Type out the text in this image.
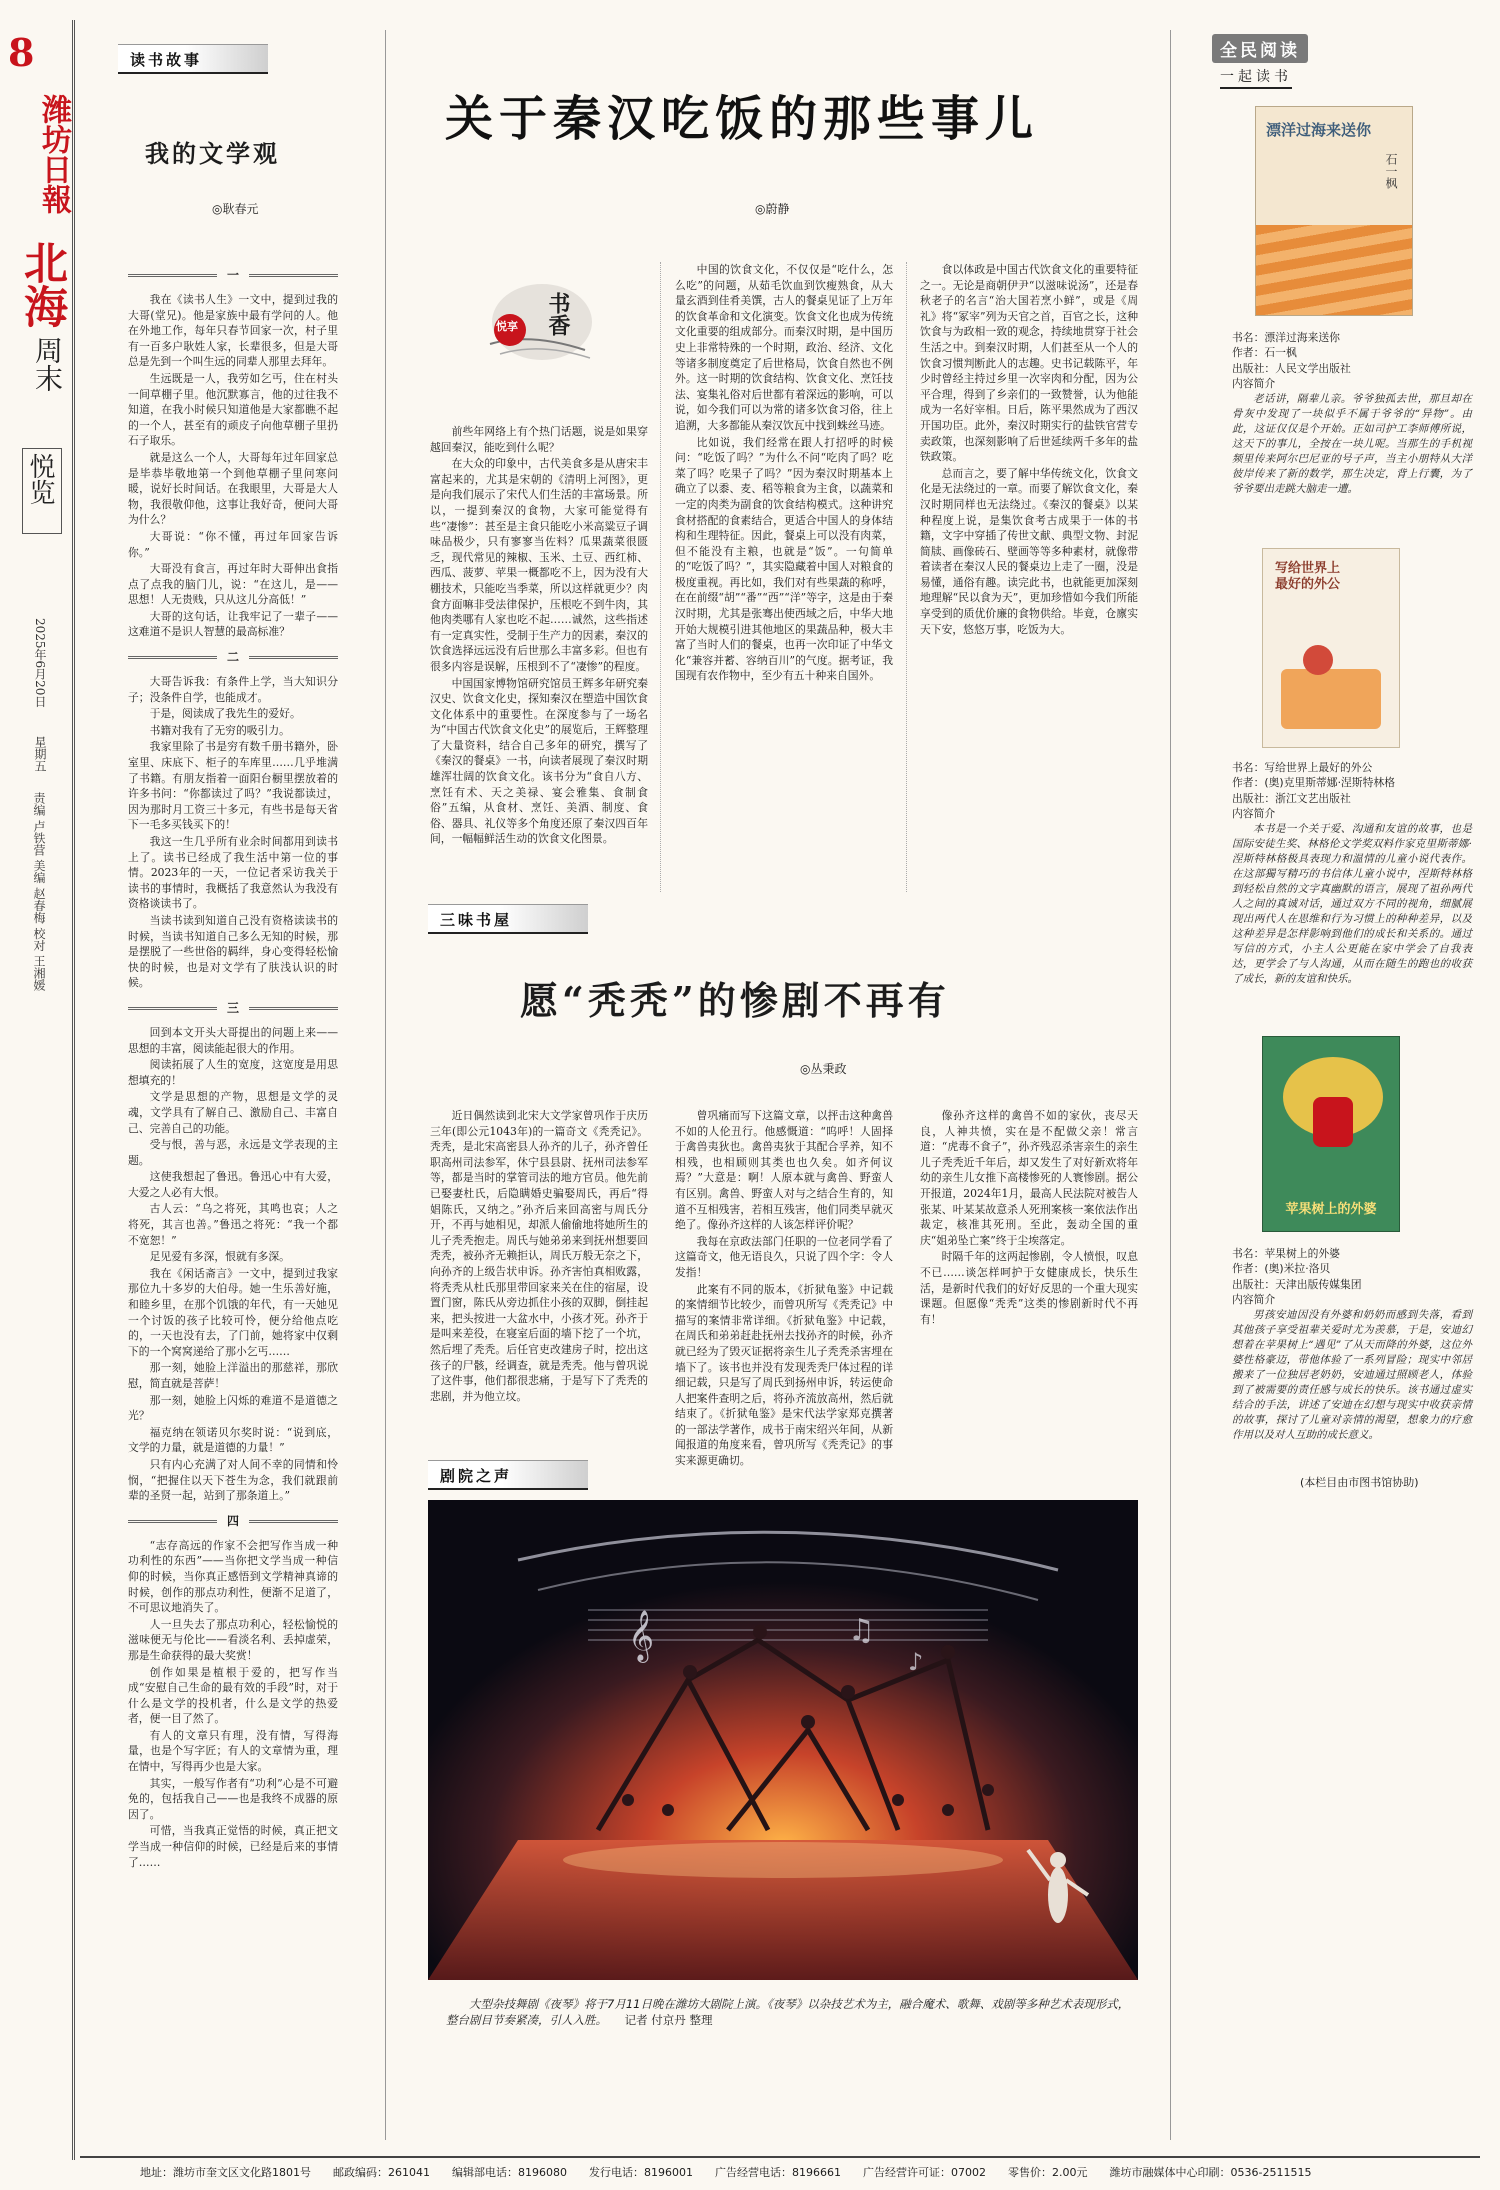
8
潍坊日報
北海
周末
悦览
2025年6月20日
星期五
责编 卢铁营 美编 赵春梅 校对 王湘媛
读书故事
我的文学观
◎耿春元
一

我在《读书人生》一文中，提到过我的大哥(堂兄)。他是家族中最有学问的人。他在外地工作，每年只春节回家一次，村子里有一百多户耿姓人家，长辈很多，但是大哥总是先到一个叫生远的同辈人那里去拜年。

生远既是一人，我劳如乞丐，住在村头一间草棚子里。他沉默寡言，他的过往我不知道，在我小时候只知道他是大家都瞧不起的一个人，甚至有的顽皮子向他草棚子里扔石子取乐。

就是这么一个人，大哥每年过年回家总是毕恭毕敬地第一个到他草棚子里问寒问暖，说好长时间话。在我眼里，大哥是大人物，我很敬仰他，这事让我好奇，便问大哥为什么？

大哥说：“你不懂，再过年回家告诉你。”

大哥没有食言，再过年时大哥伸出食指点了点我的脑门儿，说：“在这儿，是——思想！人无贵贱，只从这儿分高低！”

大哥的这句话，让我牢记了一辈子——这难道不是识人智慧的最高标准？

二

大哥告诉我：有条件上学，当大知识分子；没条件自学，也能成才。

于是，阅读成了我先生的爱好。

书籍对我有了无穷的吸引力。

我家里除了书是穷有数千册书籍外，卧室里、床底下、柜子的车库里……几乎堆满了书籍。有朋友指着一面阳台橱里摆放着的许多书问：“你都读过了吗？”我说都读过，因为那时月工资三十多元，有些书是每天省下一毛多买钱买下的！

我这一生几乎所有业余时间都用到读书上了。读书已经成了我生活中第一位的事情。2023年的一天，一位记者采访我关于读书的事情时，我概括了我意然认为我没有资格谈读书了。

当读书读到知道自己没有资格读读书的时候，当读书知道自己多么无知的时候，那是摆脱了一些世俗的羁绊，身心变得轻松愉快的时候，也是对文学有了肤浅认识的时候。

三

回到本文开头大哥提出的问题上来——思想的丰富，阅读能起很大的作用。

阅读拓展了人生的宽度，这宽度是用思想填充的！

文学是思想的产物，思想是文学的灵魂，文学具有了解自己、激励自己、丰富自己、完善自己的功能。

受与恨，善与恶，永远是文学表现的主题。

这使我想起了鲁迅。鲁迅心中有大爱，大爱之人必有大恨。

古人云：“乌之将死，其鸣也哀；人之将死，其言也善。”鲁迅之将死：“我一个都不宽恕！”

足见爱有多深，恨就有多深。

我在《闲话斋言》一文中，提到过我家那位九十多岁的大伯母。她一生乐善好施，和睦乡里，在那个饥饿的年代，有一天她见一个讨饭的孩子比较可怜，便分给他点吃的，一天也没有去，了门前，她将家中仅剩下的一个窝窝递给了那小乞丐……

那一刻，她脸上洋溢出的那慈祥，那欣慰，简直就是菩萨！

那一刻，她脸上闪烁的难道不是道德之光？

福克纳在领诺贝尔奖时说：“说到底，文学的力量，就是道德的力量！”

只有内心充满了对人间不幸的同情和怜悯，“把握住以天下苍生为念，我们就跟前辈的圣贤一起，站到了那条道上。”

四

“志存高远的作家不会把写作当成一种功利性的东西”——当你把文学当成一种信仰的时候，当你真正感悟到文学精神真谛的时候，创作的那点功利性，便渐不足道了，不可思议地消失了。

人一旦失去了那点功利心，轻松愉悦的滋味便无与伦比——看淡名利、丢掉虚荣，那是生命获得的最大奖赏！

创作如果是植根于爱的，把写作当成“安慰自己生命的最有效的手段”时，对于什么是文学的投机者，什么是文学的热爱者，便一目了然了。

有人的文章只有理，没有情，写得海量，也是个写字匠；有人的文章情为重，理在情中，写得再少也是大家。

其实，一般写作者有“功利”心是不可避免的，包括我自己——也是我终不成器的原因了。

可惜，当我真正觉悟的时候，真正把文学当成一种信仰的时候，已经是后来的事情了……

关于秦汉吃饭的那些事儿
◎蔚静
悦享 书香

前些年网络上有个热门话题，说是如果穿越回秦汉，能吃到什么呢？

在大众的印象中，古代美食多是从唐宋丰富起来的，尤其是宋朝的《清明上河图》，更是向我们展示了宋代人们生活的丰富场景。所以，一提到秦汉的食物，大家可能觉得有些“凄惨”：甚至是主食只能吃小米高粱豆子调味品极少，只有寥寥当佐料？瓜果蔬菜很匮乏，现代常见的辣椒、玉米、土豆、西红柿、西瓜、菠萝、苹果一概都吃不上，因为没有大棚技术，只能吃当季菜，所以这样就更少？肉食方面嘛非受法律保护，压根吃不到牛肉，其他肉类哪有人家也吃不起……诚然，这些指述有一定真实性，受制于生产力的因素，秦汉的饮食选择远远没有后世那么丰富多彩。但也有很多内容是误解，压根到不了“凄惨”的程度。

中国国家博物馆研究馆员王辉多年研究秦汉史、饮食文化史，探知秦汉在塑造中国饮食文化体系中的重要性。在深度参与了一场名为“中国古代饮食文化史”的展览后，王辉整理了大量资料，结合自己多年的研究，撰写了《秦汉的餐桌》一书，向读者展现了秦汉时期雄浑壮阔的饮食文化。该书分为“食自八方、烹饪有术、天之美禄、宴会雅集、食制食俗”五编，从食材、烹饪、美酒、制度、食俗、器具、礼仪等多个角度还原了秦汉四百年间，一幅幅鲜活生动的饮食文化图景。

中国的饮食文化，不仅仅是“吃什么，怎么吃”的问题，从茹毛饮血到饮瘦熟食，从大量玄酒到佳肴美馔，古人的餐桌见证了上万年的饮食革命和文化演变。饮食文化也成为传统文化重要的组成部分。而秦汉时期，是中国历史上非常特殊的一个时期，政治、经济、文化等诸多制度奠定了后世格局，饮食自然也不例外。这一时期的饮食结构、饮食文化、烹饪技法、宴集礼俗对后世都有着深远的影响，可以说，如今我们可以为常的诸多饮食习俗，往上追溯，大多都能从秦汉饮瓦中找到蛛丝马迹。

比如说，我们经常在跟人打招呼的时候问：“吃饭了吗？”为什么不问“吃肉了吗？吃菜了吗？吃果子了吗？”因为秦汉时期基本上确立了以黍、麦、稻等粮食为主食，以蔬菜和一定的肉类为副食的饮食结构模式。这种讲究食材搭配的食素结合，更适合中国人的身体结构和生理特征。因此，餐桌上可以没有肉菜，但不能没有主粮，也就是“饭”。一句简单的“吃饭了吗？”，其实隐藏着中国人对粮食的极度重视。再比如，我们对有些果蔬的称呼，在在前缀“胡”“番”“西”“洋”等字，这是由于秦汉时期，尤其是张骞出使西域之后，中华大地开始大规模引进其他地区的果蔬品种，极大丰富了当时人们的餐桌，也再一次印证了中华文化“兼容并蓄、容纳百川”的气度。据考证，我国现有农作物中，至少有五十种来自国外。

食以体政是中国古代饮食文化的重要特征之一。无论是商朝伊尹“以滋味说汤”，还是春秋老子的名言“治大国若烹小鲜”，或是《周礼》将“冢宰”列为天官之首，百官之长，这种饮食与为政相一致的观念，持续地贯穿于社会生活之中。到秦汉时期，人们甚至从一个人的饮食习惯判断此人的志趣。史书记载陈平，年少时曾经主持过乡里一次宰肉和分配，因为公平合理，得到了乡亲们的一致赞誉，认为他能成为一名好宰相。日后，陈平果然成为了西汉开国功臣。此外，秦汉时期实行的盐铁官营专卖政策，也深刻影响了后世延续两千多年的盐铁政策。

总而言之，要了解中华传统文化，饮食文化是无法绕过的一章。而要了解饮食文化，秦汉时期同样也无法绕过。《秦汉的餐桌》以某种程度上说，是集饮食考古成果于一体的书籍，文字中穿插了传世文献、典型文物、封泥简牍、画像砖石、壁画等等多种素材，就像带着读者在秦汉人民的餐桌边上走了一圈，没是易懂，通俗有趣。读完此书，也就能更加深刻地理解“民以食为天”，更加珍惜如今我们所能享受到的质优价廉的食物供给。毕竟，仓廪实天下安，悠悠万事，吃饭为大。

三味书屋
愿“秃秃”的惨剧不再有
◎丛秉政

近日偶然读到北宋大文学家曾巩作于庆历三年(即公元1043年)的一篇奇文《秃秃记》。秃秃，是北宋高密县人孙齐的儿子，孙齐曾任职高州司法参军，休宁县县尉、抚州司法参军等，都是当时的掌管司法的地方官员。他先前已娶妻杜氏，后隐瞒婚史骗娶周氏，再后“得娼陈氏，又纳之。”孙齐后来回高密与周氏分开，不再与她相见，却派人偷偷地将她所生的儿子秃秃抱走。周氏与她弟弟来到抚州想要回秃秃，被孙齐无赖拒认，周氏万般无奈之下，向孙齐的上级告状申诉。孙齐害怕真相败露，将秃秃从杜氏那里带回家来关在住的宿屋，设置门窗，陈氏从旁边抓住小孩的双脚，倒挂起来，把头按进一大盆水中，小孩才死。孙齐于是叫来差役，在寝室后面的墙下挖了一个坑，然后埋了秃秃。后任官吏改建房子时，挖出这孩子的尸骸，经调查，就是秃秃。他与曾巩说了这件事，他们都很悲痛，于是写下了秃秃的悲剧，并为他立坟。

曾巩痛而写下这篇文章，以抨击这种禽兽不如的人伦丑行。他感慨道：“呜呼！人固择于禽兽夷狄也。禽兽夷狄于其配合孚养，知不相残，也相顾则其类也也久矣。如齐何议焉？”大意是：啊！人原本就与禽兽、野蛮人有区别。禽兽、野蛮人对与之结合生育的，知道不互相残害，若相互残害，他们同类早就灭绝了。像孙齐这样的人该怎样评价呢？

我每在京政法部门任职的一位老同学看了这篇奇文，他无语良久，只说了四个字：令人发指！

此案有不同的版本，《折狱龟鉴》中记载的案情细节比较少，而曾巩所写《秃秃记》中描写的案情非常详细。《折狱龟鉴》中记载，在周氏和弟弟赶赴抚州去找孙齐的时候，孙齐就已经为了毁灭证据将亲生儿子秃秃杀害埋在墙下了。该书也并没有发现秃秃尸体过程的详细记载，只是写了周氏到扬州申诉，转运使命人把案件查明之后，将孙齐流放高州，然后就结束了。《折狱龟鉴》是宋代法学家郑克撰著的一部法学著作，成书于南宋绍兴年间，从新闻报道的角度来看，曾巩所写《秃秃记》的事实来源更确切。

像孙齐这样的禽兽不如的家伙，丧尽天良，人神共愤，实在是不配做父亲！常言道：“虎毒不食子”，孙齐残忍杀害亲生的亲生儿子秃秃近千年后，却又发生了对好新欢将年幼的亲生儿女推下高楼惨死的人寰惨剧。据公开报道，2024年1月，最高人民法院对被告人张某、叶某某故意杀人死刑案核一案依法作出裁定，核准其死刑。至此，轰动全国的重庆“姐弟坠亡案”终于尘埃落定。

时隔千年的这两起惨剧，令人愤恨，叹息不已……谈怎样呵护于女健康成长，快乐生活，是新时代我们的好好反思的一个重大现实课题。但愿像“秃秃”这类的惨剧新时代不再有！

剧院之声
𝄞	♫
♪
大型杂技舞剧《夜琴》将于7月11日晚在潍坊大剧院上演。《夜琴》以杂技艺术为主，融合魔术、歌舞、戏剧等多种艺术表现形式，整台剧目节奏紧凑，引人入胜。 记者 付京丹 整理
全民阅读
一起读书
漂洋过海来送你
石一枫
书名：漂洋过海来送你
作者：石一枫
出版社：人民文学出版社
内容简介
老话讲，隔辈儿亲。爷爷独孤去世，那旦却在骨灰中发现了一块似乎不属于爷爷的“异物”。由此，这证仅仅是个开始。正如司护工李师傅所说，这天下的事儿，全按在一块儿呢。当那生的手机视频里传来阿尔巴尼亚的号子声，当主小朋特从大洋彼岸传来了新的数学，那生决定，背上行囊，为了爷爷要出走跳大脑走一遭。
写给世界上最好的外公
书名：写给世界上最好的外公
作者：(奥)克里斯蒂娜·涅斯特林格
出版社：浙江文艺出版社
内容简介
本书是一个关于爱、沟通和友谊的故事，也是国际安徒生奖、林格伦文学奖双料作家克里斯蒂娜·涅斯特林格极具表现力和温情的儿童小说代表作。在这部獨写精巧的书信体儿童小说中，涅斯特林格到轻松自然的文字真幽默的语言，展现了祖孙两代人之间的真诚对话，通过双方不同的视角，细腻展现出两代人在思维和行为习惯上的种种差异，以及这种差异是怎样影响到他们的成长和关系的。通过写信的方式，小主人公更能在家中学会了自我表达，更学会了与人沟通，从而在随生的跑也的收获了成长，新的友谊和快乐。
苹果树上的外婆
书名：苹果树上的外婆
作者：(奥)米拉·洛贝
出版社：天津出版传媒集团
内容简介
男孩安迪因没有外婆和奶奶而感到失落，看到其他孩子享受祖辈关爱时尤为羡慕，于是，安迪幻想着在苹果树上“遇见”了从天而降的外婆，这位外婆性格豪迈，带他体验了一系列冒险；现实中邻居搬来了一位独居老奶奶，安迪通过照顾老人，体验到了被需要的责任感与成长的快乐。该书通过虚实结合的手法，讲述了安迪在幻想与现实中收获亲情的故事，探讨了儿童对亲情的渴望，想象力的疗愈作用以及对人互助的成长意义。
(本栏目由市图书馆协助)
地址：潍坊市奎文区文化路1801号 邮政编码：261041 编辑部电话：8196080 发行电话：8196001 广告经营电话：8196661 广告经营许可证：07002 零售价：2.00元 潍坊市融媒体中心印刷：0536-2511515
